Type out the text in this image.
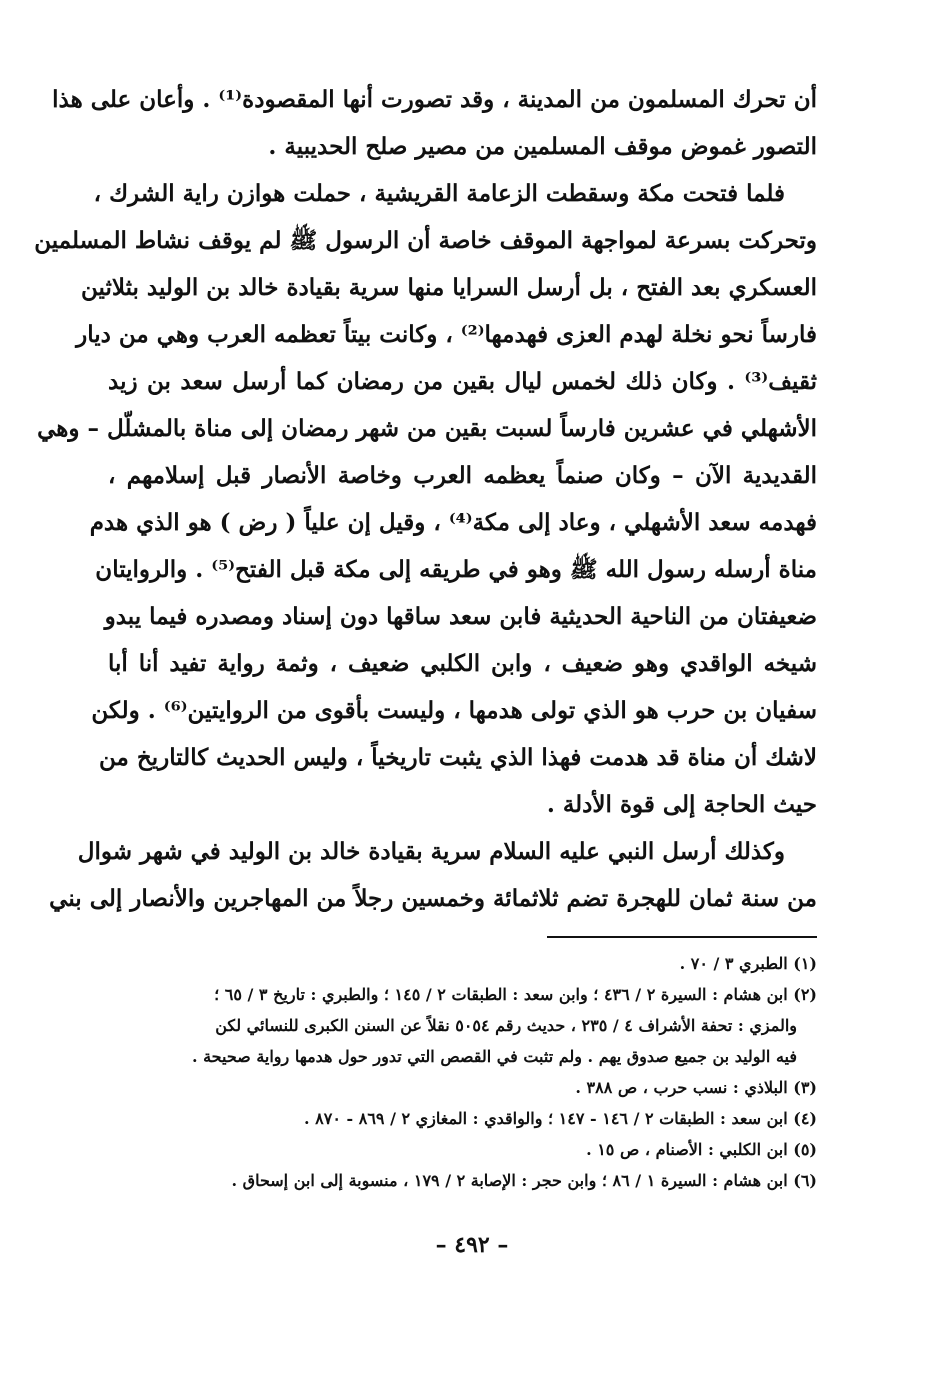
أن تحرك المسلمون من المدينة ، وقد تصورت أنها المقصودة⁽¹⁾ . وأعان على هذا
التصور غموض موقف المسلمين من مصير صلح الحديبية .
فلما فتحت مكة وسقطت الزعامة القريشية ، حملت هوازن راية الشرك ،
وتحركت بسرعة لمواجهة الموقف خاصة أن الرسول ﷺ لم يوقف نشاط المسلمين
العسكري بعد الفتح ، بل أرسل السرايا منها سرية بقيادة خالد بن الوليد بثلاثين
فارساً نحو نخلة لهدم العزى فهدمها⁽²⁾ ، وكانت بيتاً تعظمه العرب وهي من ديار
ثقيف⁽³⁾ . وكان ذلك لخمس ليال بقين من رمضان كما أرسل سعد بن زيد
الأشهلي في عشرين فارساً لسبت بقين من شهر رمضان إلى مناة بالمشلّل – وهي
القديدية الآن – وكان صنماً يعظمه العرب وخاصة الأنصار قبل إسلامهم ،
فهدمه سعد الأشهلي ، وعاد إلى مكة⁽⁴⁾ ، وقيل إن علياً ( رض ) هو الذي هدم
مناة أرسله رسول الله ﷺ وهو في طريقه إلى مكة قبل الفتح⁽⁵⁾ . والروايتان
ضعيفتان من الناحية الحديثية فابن سعد ساقها دون إسناد ومصدره فيما يبدو
شيخه الواقدي وهو ضعيف ، وابن الكلبي ضعيف ، وثمة رواية تفيد أنا أبا
سفيان بن حرب هو الذي تولى هدمها ، وليست بأقوى من الروايتين⁽⁶⁾ . ولكن
لاشك أن مناة قد هدمت فهذا الذي يثبت تاريخياً ، وليس الحديث كالتاريخ من
حيث الحاجة إلى قوة الأدلة .
وكذلك أرسل النبي عليه السلام سرية بقيادة خالد بن الوليد في شهر شوال
من سنة ثمان للهجرة تضم ثلاثمائة وخمسين رجلاً من المهاجرين والأنصار إلى بني
(١) الطبري ٣ / ٧٠ .
(٢) ابن هشام : السيرة ٢ / ٤٣٦ ؛ وابن سعد : الطبقات ٢ / ١٤٥ ؛ والطبري : تاريخ ٣ / ٦٥ ؛
والمزي : تحفة الأشراف ٤ / ٢٣٥ ، حديث رقم ٥٠٥٤ نقلاً عن السنن الكبرى للنسائي لكن
فيه الوليد بن جميع صدوق يهم . ولم تثبت في القصص التي تدور حول هدمها رواية صحيحة .
(٣) البلاذي : نسب حرب ، ص ٣٨٨ .
(٤) ابن سعد : الطبقات ٢ / ١٤٦ - ١٤٧ ؛ والواقدي : المغازي ٢ / ٨٦٩ - ٨٧٠ .
(٥) ابن الكلبي : الأصنام ، ص ١٥ .
(٦) ابن هشام : السيرة ١ / ٨٦ ؛ وابن حجر : الإصابة ٢ / ١٧٩ ، منسوبة إلى ابن إسحاق .
– ٤٩٢ –
